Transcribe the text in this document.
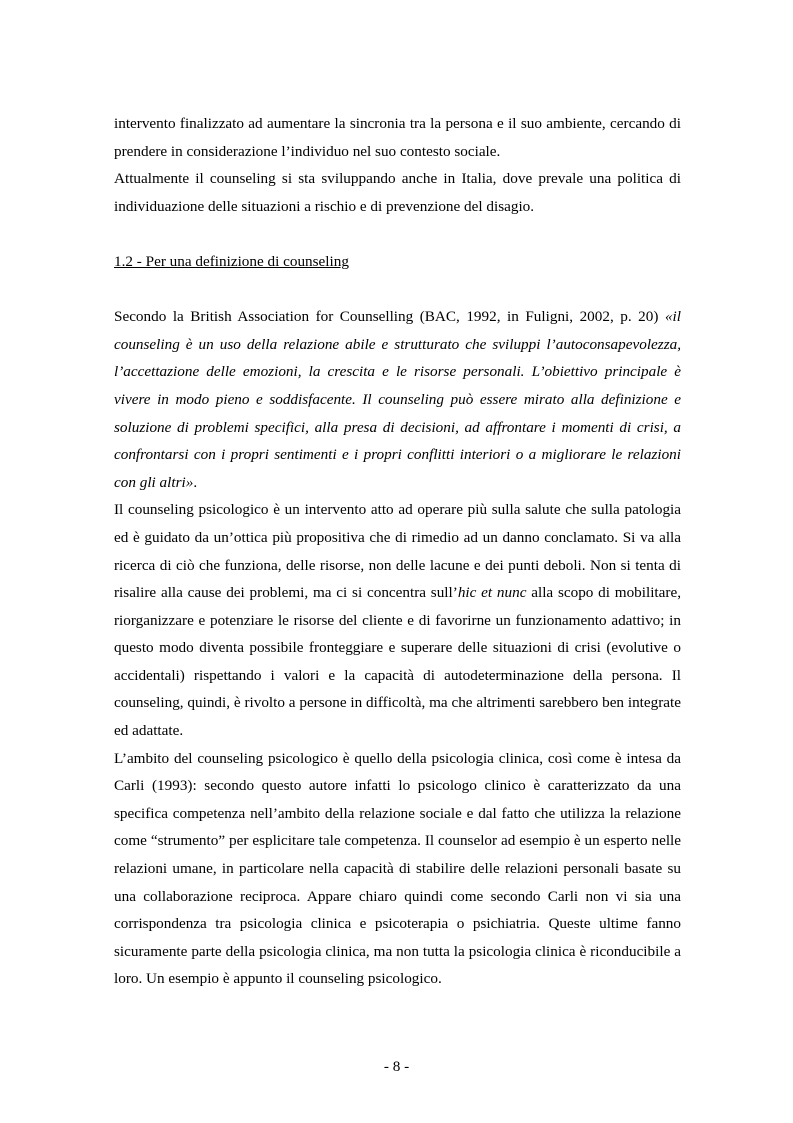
intervento finalizzato ad aumentare la sincronia tra la persona e il suo ambiente, cercando di prendere in considerazione l’individuo nel suo contesto sociale.

Attualmente il counseling si sta sviluppando anche in Italia, dove prevale una politica di individuazione delle situazioni a rischio e di prevenzione del disagio.

1.2 - Per una definizione di counseling

Secondo la British Association for Counselling (BAC, 1992, in Fuligni, 2002, p. 20) «il counseling è un uso della relazione abile e strutturato che sviluppi l’autoconsapevolezza, l’accettazione delle emozioni, la crescita e le risorse personali. L’obiettivo principale è vivere in modo pieno e soddisfacente. Il counseling può essere mirato alla definizione e soluzione di problemi specifici, alla presa di decisioni, ad affrontare i momenti di crisi, a confrontarsi con i propri sentimenti e i propri conflitti interiori o a migliorare le relazioni con gli altri».

Il counseling psicologico è un intervento atto ad operare più sulla salute che sulla patologia ed è guidato da un’ottica più propositiva che di rimedio ad un danno conclamato. Si va alla ricerca di ciò che funziona, delle risorse, non delle lacune e dei punti deboli. Non si tenta di risalire alla cause dei problemi, ma ci si concentra sull’hic et nunc alla scopo di mobilitare, riorganizzare e potenziare le risorse del cliente e di favorirne un funzionamento adattivo; in questo modo diventa possibile fronteggiare e superare delle situazioni di crisi (evolutive o accidentali) rispettando i valori e la capacità di autodeterminazione della persona. Il counseling, quindi, è rivolto a persone in difficoltà, ma che altrimenti sarebbero ben integrate ed adattate.

L’ambito del counseling psicologico è quello della psicologia clinica, così come è intesa da Carli (1993): secondo questo autore infatti lo psicologo clinico è caratterizzato da una specifica competenza nell’ambito della relazione sociale e dal fatto che utilizza la relazione come “strumento” per esplicitare tale competenza. Il counselor ad esempio è un esperto nelle relazioni umane, in particolare nella capacità di stabilire delle relazioni personali basate su una collaborazione reciproca. Appare chiaro quindi come secondo Carli non vi sia una corrispondenza tra psicologia clinica e psicoterapia o psichiatria. Queste ultime fanno sicuramente parte della psicologia clinica, ma non tutta la psicologia clinica è riconducibile a loro. Un esempio è appunto il counseling psicologico.

- 8 -
